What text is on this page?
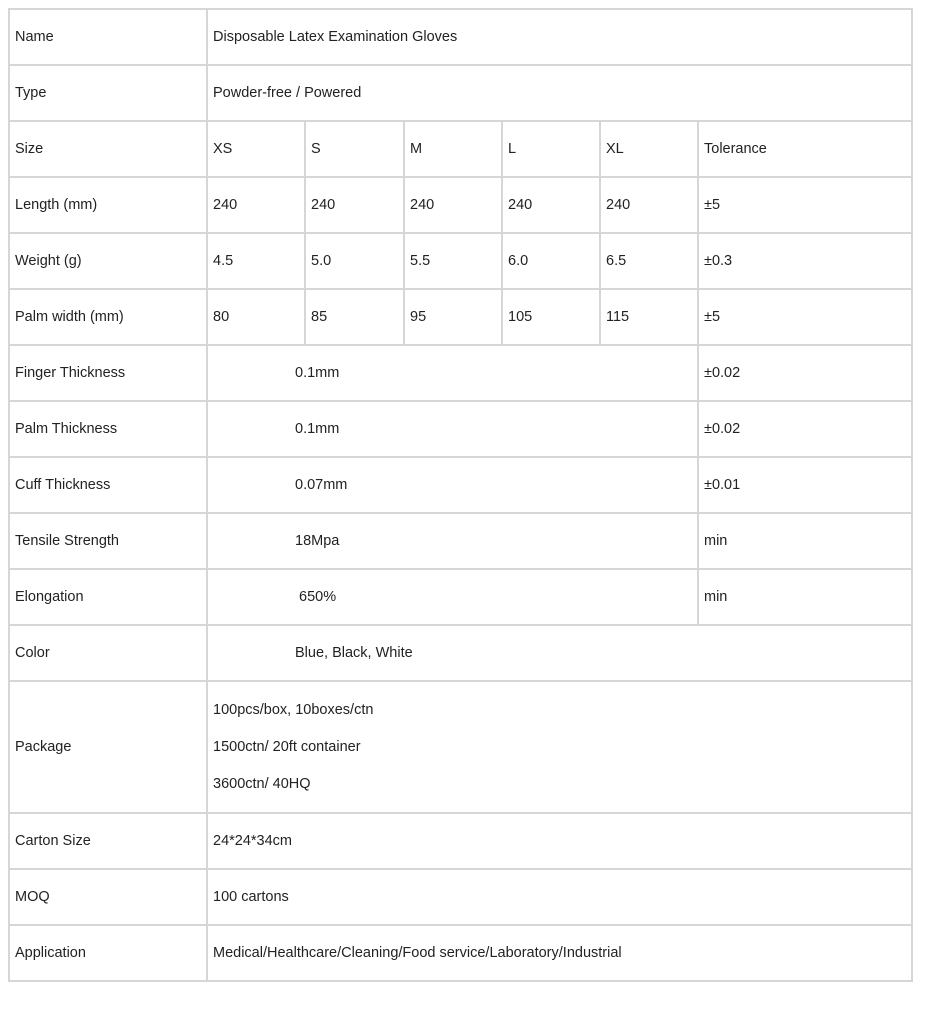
Name	Disposable Latex Examination Gloves					
Type	Powder-free / Powered					
Size	XS	S	M	L	XL	Tolerance
Length (mm)	240	240	240	240	240	±5
Weight (g)	4.5	5.0	5.5	6.0	6.5	±0.3
Palm width (mm)	80	85	95	105	115	±5
Finger Thickness	0.1mm					±0.02
Palm Thickness	0.1mm					±0.02
Cuff Thickness	0.07mm					±0.01
Tensile Strength	18Mpa					min
Elongation	650%					min
Color	Blue, Black, White					
Package	100pcs/box, 10boxes/ctn
1500ctn/ 20ft container
3600ctn/ 40HQ					

Carton Size	24*24*34cm					
MOQ	100 cartons					
Application	Medical/Healthcare/Cleaning/Food service/Laboratory/Industrial					
